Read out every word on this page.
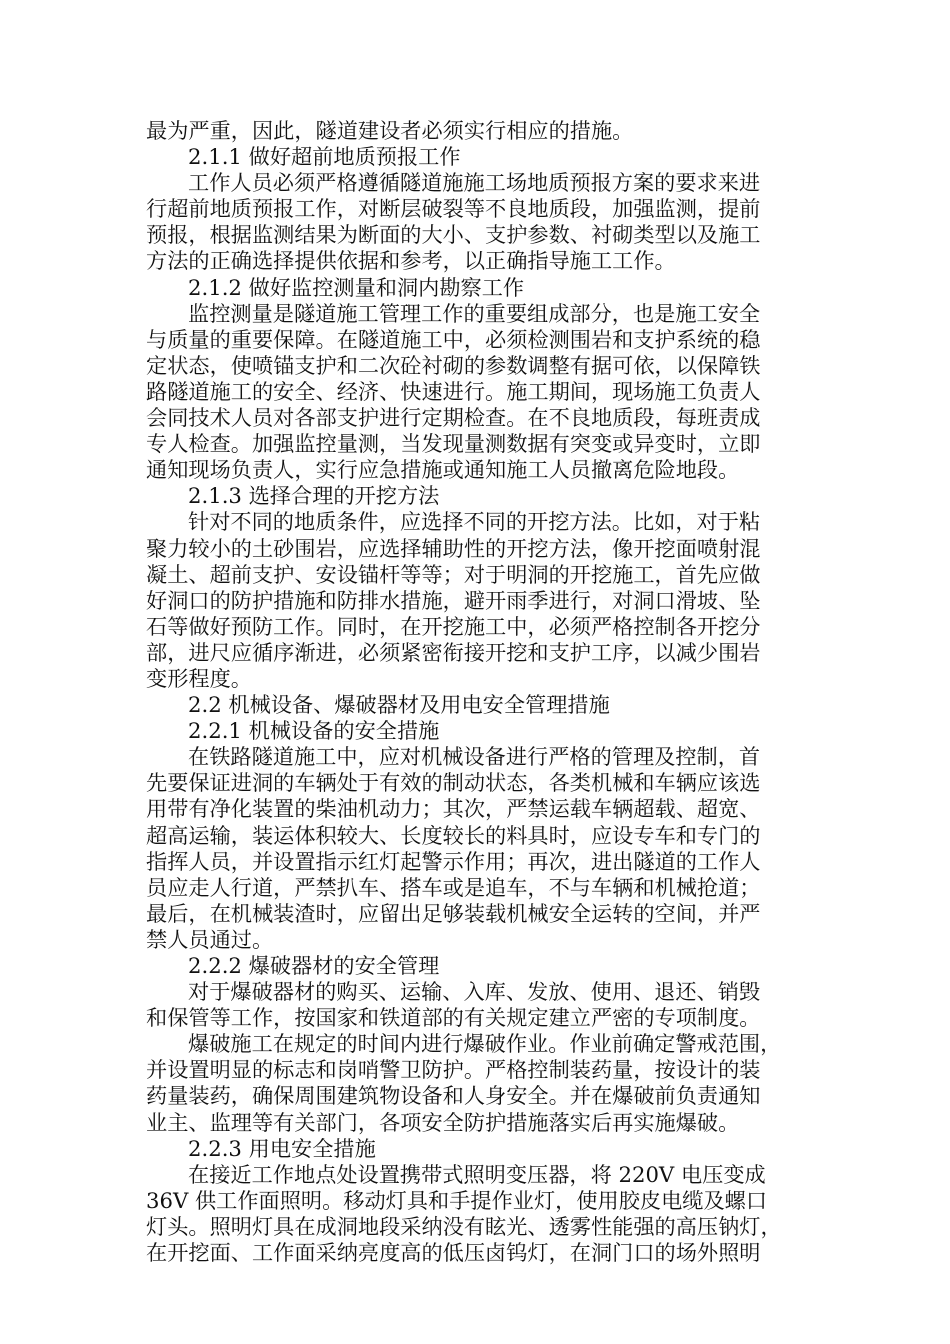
最为严重，因此，隧道建设者必须实行相应的措施。
2.1.1 做好超前地质预报工作
工作人员必须严格遵循隧道施施工场地质预报方案的要求来进
行超前地质预报工作，对断层破裂等不良地质段，加强监测，提前
预报，根据监测结果为断面的大小、支护参数、衬砌类型以及施工
方法的正确选择提供依据和参考，以正确指导施工工作。
2.1.2 做好监控测量和洞内勘察工作
监控测量是隧道施工管理工作的重要组成部分，也是施工安全
与质量的重要保障。在隧道施工中，必须检测围岩和支护系统的稳
定状态，使喷锚支护和二次砼衬砌的参数调整有据可依，以保障铁
路隧道施工的安全、经济、快速进行。施工期间，现场施工负责人
会同技术人员对各部支护进行定期检查。在不良地质段，每班责成
专人检查。加强监控量测，当发现量测数据有突变或异变时，立即
通知现场负责人，实行应急措施或通知施工人员撤离危险地段。
2.1.3 选择合理的开挖方法
针对不同的地质条件，应选择不同的开挖方法。比如，对于粘
聚力较小的土砂围岩，应选择辅助性的开挖方法，像开挖面喷射混
凝土、超前支护、安设锚杆等等；对于明洞的开挖施工，首先应做
好洞口的防护措施和防排水措施，避开雨季进行，对洞口滑坡、坠
石等做好预防工作。同时，在开挖施工中，必须严格控制各开挖分
部，进尺应循序渐进，必须紧密衔接开挖和支护工序，以减少围岩
变形程度。
2.2 机械设备、爆破器材及用电安全管理措施
2.2.1 机械设备的安全措施
在铁路隧道施工中，应对机械设备进行严格的管理及控制，首
先要保证进洞的车辆处于有效的制动状态，各类机械和车辆应该选
用带有净化装置的柴油机动力；其次，严禁运载车辆超载、超宽、
超高运输，装运体积较大、长度较长的料具时，应设专车和专门的
指挥人员，并设置指示红灯起警示作用；再次，进出隧道的工作人
员应走人行道，严禁扒车、搭车或是追车，不与车辆和机械抢道；
最后，在机械装渣时，应留出足够装载机械安全运转的空间，并严
禁人员通过。
2.2.2 爆破器材的安全管理
对于爆破器材的购买、运输、入库、发放、使用、退还、销毁
和保管等工作，按国家和铁道部的有关规定建立严密的专项制度。
爆破施工在规定的时间内进行爆破作业。作业前确定警戒范围，
并设置明显的标志和岗哨警卫防护。严格控制装药量，按设计的装
药量装药，确保周围建筑物设备和人身安全。并在爆破前负责通知
业主、监理等有关部门，各项安全防护措施落实后再实施爆破。
2.2.3 用电安全措施
在接近工作地点处设置携带式照明变压器，将 220V 电压变成
36V 供工作面照明。移动灯具和手提作业灯，使用胶皮电缆及螺口
灯头。照明灯具在成洞地段采纳没有眩光、透雾性能强的高压钠灯，
在开挖面、工作面采纳亮度高的低压卤钨灯，在洞门口的场外照明
